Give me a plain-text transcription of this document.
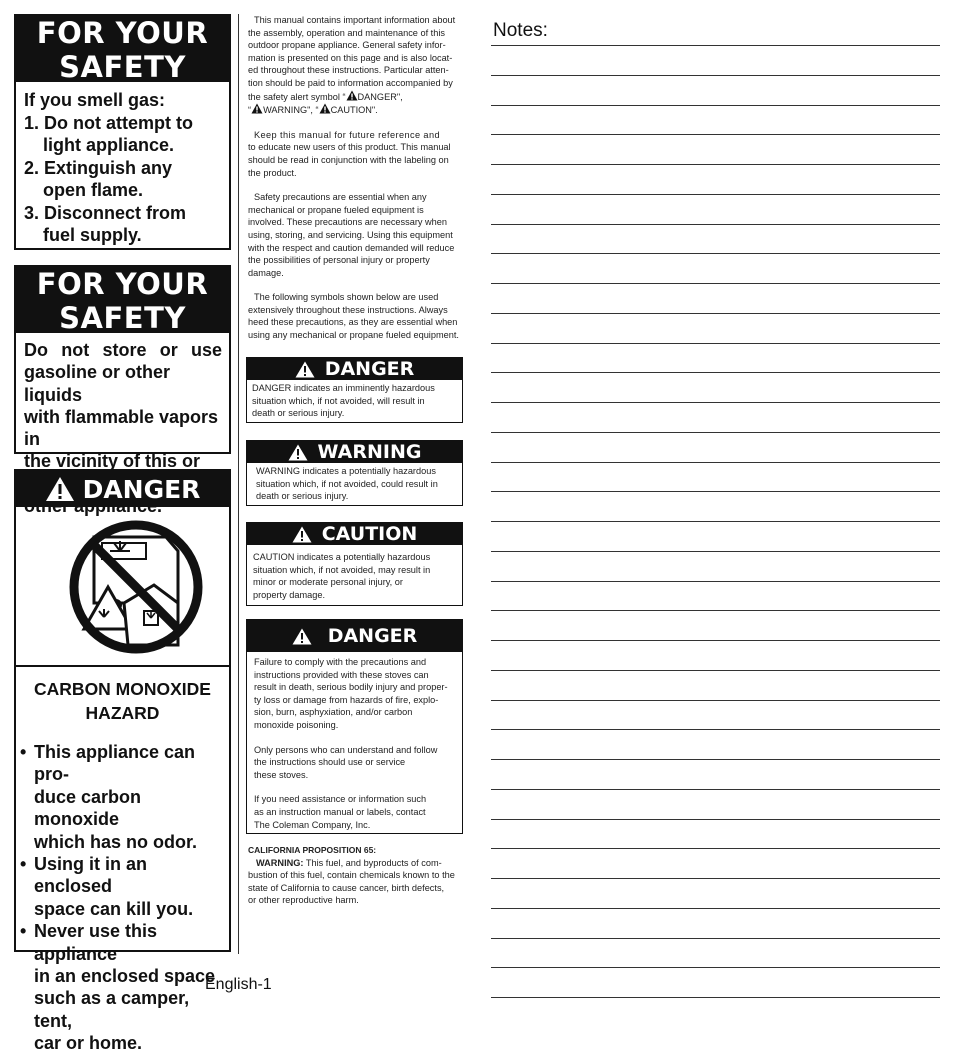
FOR YOUR
SAFETY
If you smell gas:
1. Do not attempt to
light appliance.
2. Extinguish any
open flame.
3. Disconnect from
fuel supply.
FOR YOUR
SAFETY
Do not store or use
gasoline or other liquids
with flammable vapors in
the vicinity of this or
DANGER
CARBON MONOXIDE
HAZARD
• This appliance can pro-
duce carbon monoxide
which has no odor.
• Using it in an enclosed
space can kill you.
• Never use this appliance
in an enclosed space
such as a camper, tent,
car or home.
This manual contains important information about
the assembly, operation and maintenance of this
outdoor propane appliance. General safety infor-
mation is presented on this page and is also locat-
ed throughout these instructions. Particular atten-
tion should be paid to information accompanied by
the safety alert symbol “ DANGER",
“ WARNING", “ CAUTION".
Keep this manual for future reference and
to educate new users of this product. This manual
should be read in conjunction with the labeling on
the product.
Safety precautions are essential when any
mechanical or propane fueled equipment is
involved. These precautions are necessary when
using, storing, and servicing. Using this equipment
with the respect and caution demanded will reduce
the possibilities of personal injury or property damage.
The following symbols shown below are used
extensively throughout these instructions. Always
heed these precautions, as they are essential when
using any mechanical or propane fueled equipment.
DANGER
DANGER indicates an imminently hazardous
situation which, if not avoided, will result in
death or serious injury.
WARNING
WARNING indicates a potentially hazardous
situation which, if not avoided, could result in
death or serious injury.
CAUTION
CAUTION indicates a potentially hazardous
situation which, if not avoided, may result in
minor or moderate personal injury, or
property damage.
DANGER
Failure to comply with the precautions and
instructions provided with these stoves can
result in death, serious bodily injury and proper-
ty loss or damage from hazards of fire, explo-
sion, burn, asphyxiation, and/or carbon
monoxide poisoning.
Only persons who can understand and follow
the instructions should use or service
these stoves.
If you need assistance or information such
as an instruction manual or labels, contact
The Coleman Company, Inc.
CALIFORNIA PROPOSITION 65:
WARNING: This fuel, and byproducts of com-
bustion of this fuel, contain chemicals known to the
state of California to cause cancer, birth defects,
or other reproductive harm.
Notes:
English-1
